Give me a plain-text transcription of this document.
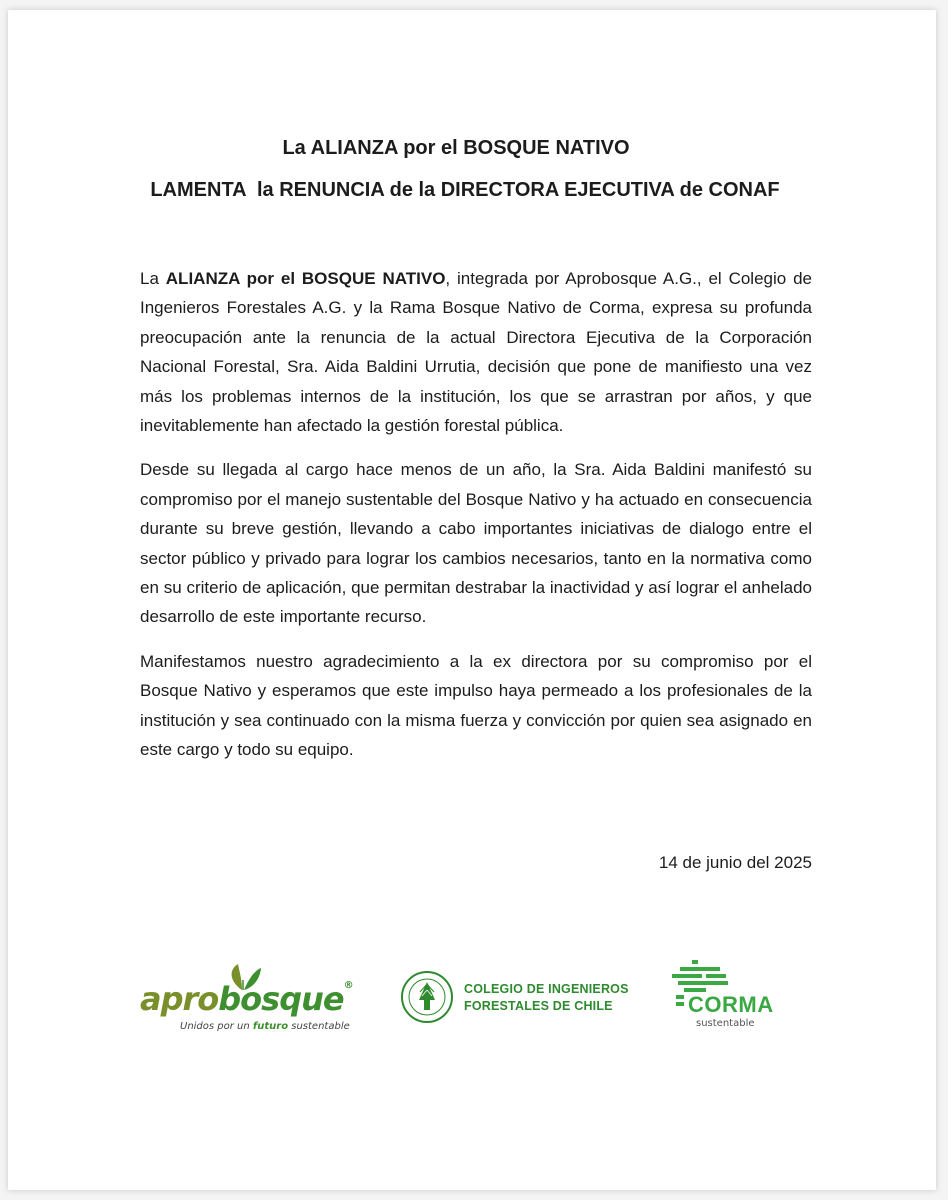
La ALIANZA por el BOSQUE NATIVO
LAMENTA  la RENUNCIA de la DIRECTORA EJECUTIVA de CONAF

La ALIANZA por el BOSQUE NATIVO, integrada por Aprobosque A.G., el Colegio de Ingenieros Forestales A.G. y la Rama Bosque Nativo de Corma, expresa su profunda preocupación ante la renuncia de la actual Directora Ejecutiva de la Corporación Nacional Forestal, Sra. Aida Baldini Urrutia, decisión que pone de manifiesto una vez más los problemas internos de la institución, los que se arrastran por años, y que inevitablemente han afectado la gestión forestal pública.

Desde su llegada al cargo hace menos de un año, la Sra. Aida Baldini manifestó su compromiso por el manejo sustentable del Bosque Nativo y ha actuado en consecuencia durante su breve gestión, llevando a cabo importantes iniciativas de dialogo entre el sector público y privado para lograr los cambios necesarios, tanto en la normativa como en su criterio de aplicación, que permitan destrabar la inactividad y así lograr el anhelado desarrollo de este importante recurso.

Manifestamos nuestro agradecimiento a la ex directora por su compromiso por el Bosque Nativo y esperamos que este impulso haya permeado a los profesionales de la institución y sea continuado con la misma fuerza y convicción por quien sea asignado en este cargo y todo su equipo.

14 de junio del 2025
aprobosque®
Unidos por un futuro sustentable
COLEGIO DE INGENIEROS
FORESTALES DE CHILE	CORMA
sustentable
